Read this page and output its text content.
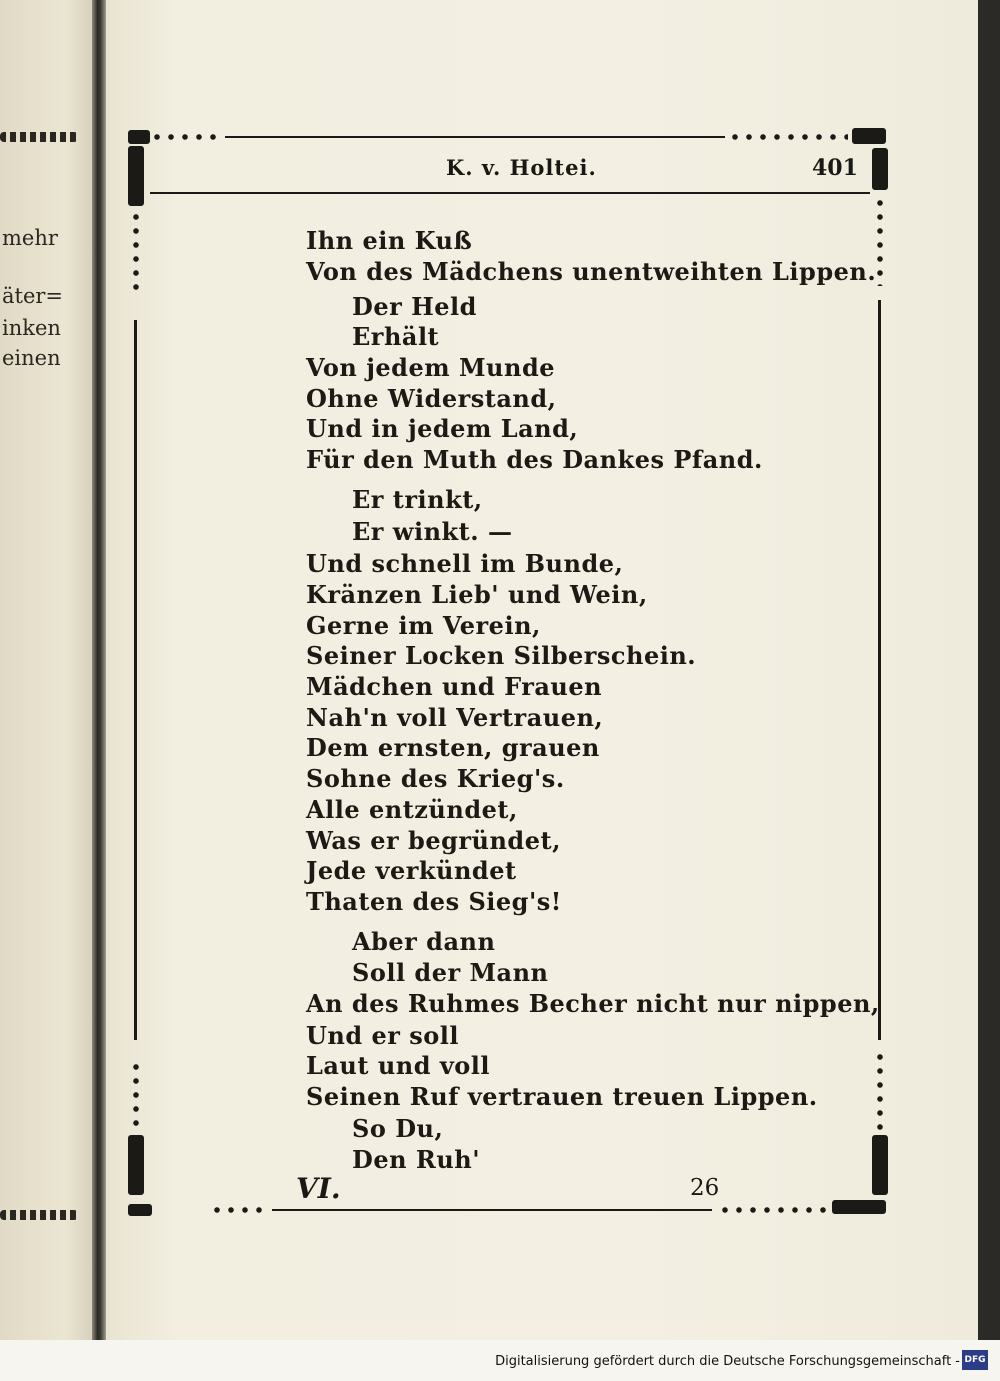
mehr
äter=
inken
einen
K. v. Holtei.	401
Ihn ein Kuß
Von des Mädchens unentweihten Lippen.
Der Held
Erhält
Von jedem Munde
Ohne Widerstand,
Und in jedem Land,
Für den Muth des Dankes Pfand.
Er trinkt,
Er winkt. —
Und schnell im Bunde,
Kränzen Lieb' und Wein,
Gerne im Verein,
Seiner Locken Silberschein.
Mädchen und Frauen
Nah'n voll Vertrauen,
Dem ernsten, grauen
Sohne des Krieg's.
Alle entzündet,
Was er begründet,
Jede verkündet
Thaten des Sieg's!
Aber dann
Soll der Mann
An des Ruhmes Becher nicht nur nippen,
Und er soll
Laut und voll
Seinen Ruf vertrauen treuen Lippen.
So Du,
Den Ruh'
VI.	26
Digitalisierung gefördert durch die Deutsche Forschungsgemeinschaft - DFG
